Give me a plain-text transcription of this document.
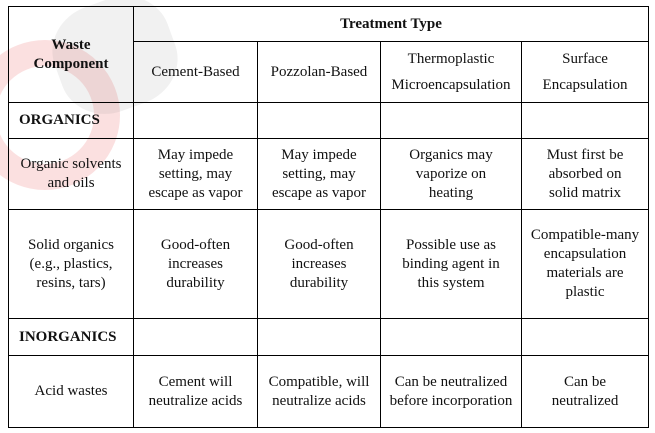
Waste Component	Treatment Type			
	Cement-Based	Pozzolan-Based	Thermoplastic Microencapsulation	Surface Encapsulation
ORGANICS				
Organic solvents and oils	May impede setting, may escape as vapor	May impede setting, may escape as vapor	Organics may vaporize on heating	Must first be absorbed on solid matrix
Solid organics (e.g., plastics, resins, tars)	Good-often increases durability	Good-often increases durability	Possible use as binding agent in this system	Compatible-many encapsulation materials are plastic
INORGANICS				
Acid wastes	Cement will neutralize acids	Compatible, will neutralize acids	Can be neutralized before incorporation	Can be neutralized
